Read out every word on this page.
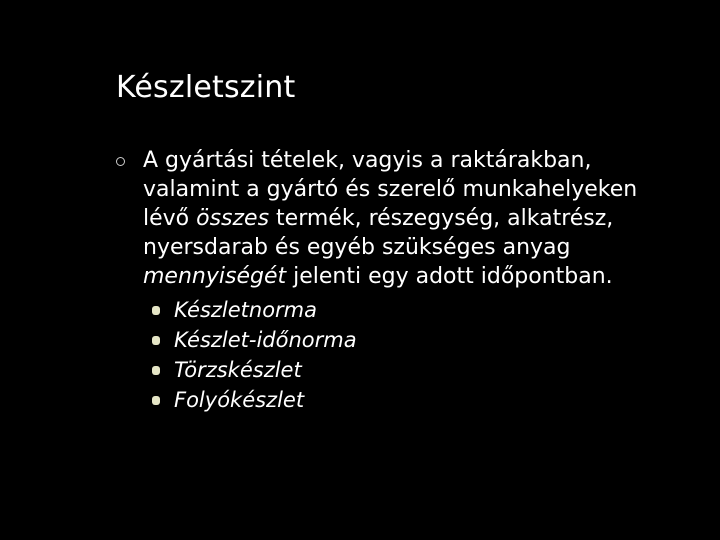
Készletszint
A gyártási tételek, vagyis a raktárakban, valamint a gyártó és szerelő munkahelyeken lévő összes termék, részegység, alkatrész, nyersdarab és egyéb szükséges anyag mennyiségét jelenti egy adott időpontban.
Készletnorma
Készlet-időnorma
Törzskészlet
Folyókészlet
